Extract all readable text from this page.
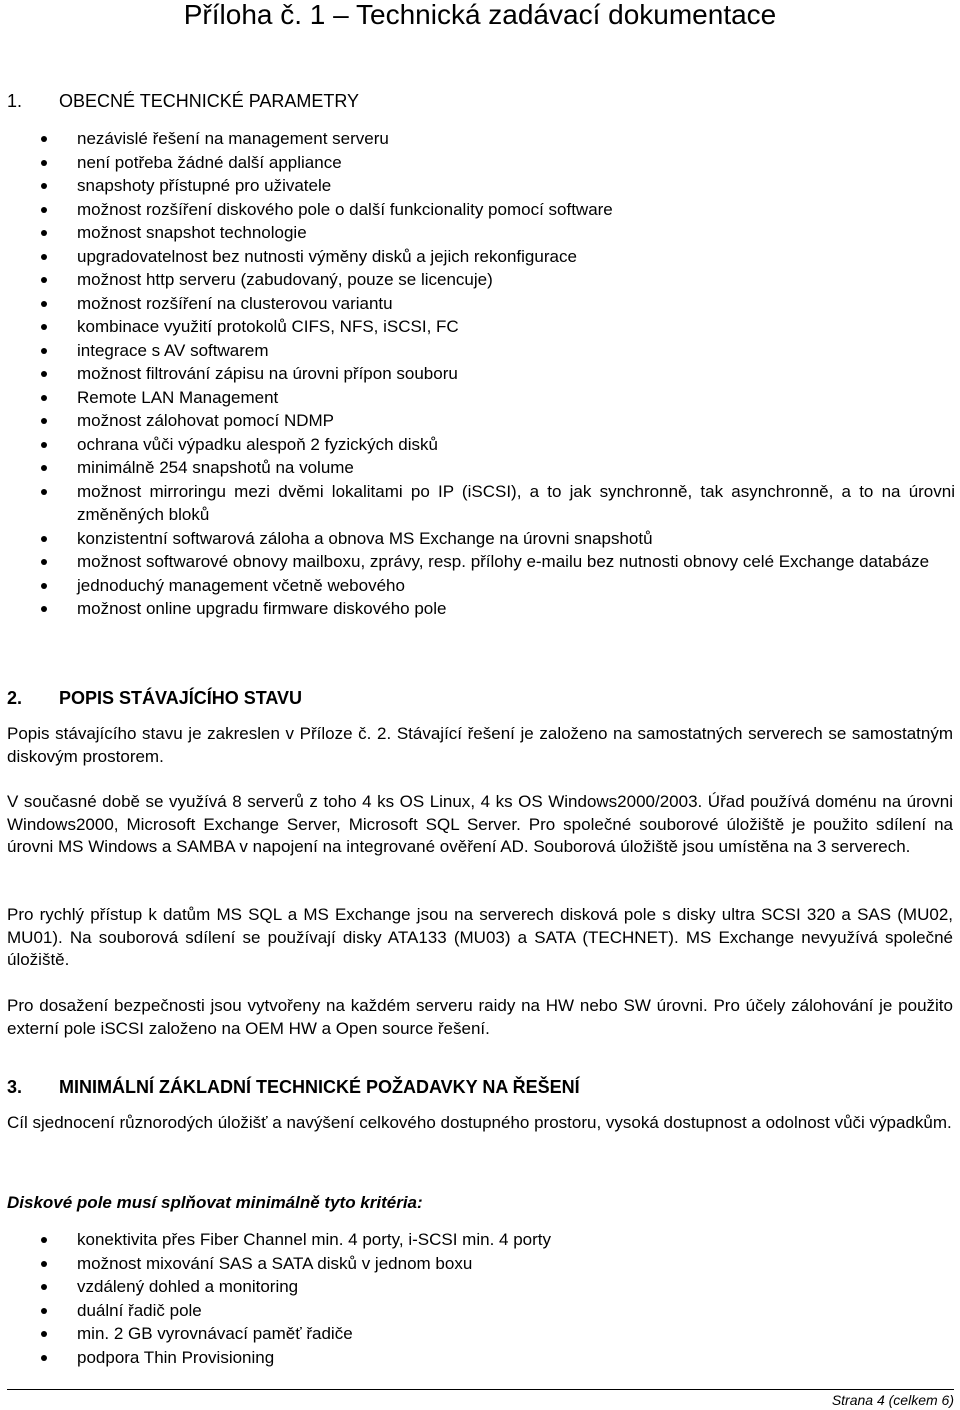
Příloha č. 1 – Technická zadávací dokumentace
1. OBECNÉ TECHNICKÉ PARAMETRY
nezávislé řešení na management serveru
není potřeba žádné další appliance
snapshoty přístupné pro uživatele
možnost rozšíření diskového pole o další funkcionality pomocí software
možnost snapshot technologie
upgradovatelnost bez nutnosti výměny disků a jejich rekonfigurace
možnost http serveru (zabudovaný, pouze se licencuje)
možnost rozšíření na clusterovou variantu
kombinace využití protokolů CIFS, NFS, iSCSI, FC
integrace s AV softwarem
možnost filtrování zápisu na úrovni přípon souboru
Remote LAN Management
možnost zálohovat pomocí NDMP
ochrana vůči výpadku alespoň 2 fyzických disků
minimálně 254 snapshotů na volume
možnost mirroringu mezi dvěmi lokalitami po IP (iSCSI), a to jak synchronně, tak asynchronně, a to na úrovni změněných bloků
konzistentní softwarová záloha a obnova MS Exchange na úrovni snapshotů
možnost softwarové obnovy mailboxu, zprávy, resp. přílohy e-mailu bez nutnosti obnovy celé Exchange databáze
jednoduchý management včetně webového
možnost online upgradu firmware diskového pole
2. POPIS STÁVAJÍCÍHO STAVU

Popis stávajícího stavu je zakreslen v Příloze č. 2. Stávající řešení je založeno na samostatných serverech se samostatným diskovým prostorem.

V současné době se využívá 8 serverů z toho 4 ks OS Linux, 4 ks OS Windows2000/2003. Úřad používá doménu na úrovni Windows2000, Microsoft Exchange Server, Microsoft SQL Server. Pro společné souborové úložiště je použito sdílení na úrovni MS Windows a SAMBA v napojení na integrované ověření AD. Souborová úložiště jsou umístěna na 3 serverech.

Pro rychlý přístup k datům MS SQL a MS Exchange jsou na serverech disková pole s disky ultra SCSI 320 a SAS (MU02, MU01). Na souborová sdílení se používají disky ATA133 (MU03) a SATA (TECHNET). MS Exchange nevyužívá společné úložiště.

Pro dosažení bezpečnosti jsou vytvořeny na každém serveru raidy na HW nebo SW úrovni. Pro účely zálohování je použito externí pole iSCSI založeno na OEM HW a Open source řešení.

3. MINIMÁLNÍ ZÁKLADNÍ TECHNICKÉ POŽADAVKY NA ŘEŠENÍ

Cíl sjednocení různorodých úložišť a navýšení celkového dostupného prostoru, vysoká dostupnost a odolnost vůči výpadkům.

Diskové pole musí splňovat minimálně tyto kritéria:

konektivita přes Fiber Channel min. 4 porty, i-SCSI min. 4 porty
možnost mixování SAS a SATA disků v jednom boxu
vzdálený dohled a monitoring
duální řadič pole
min. 2 GB vyrovnávací paměť řadiče
podpora Thin Provisioning
Strana 4 (celkem 6)
